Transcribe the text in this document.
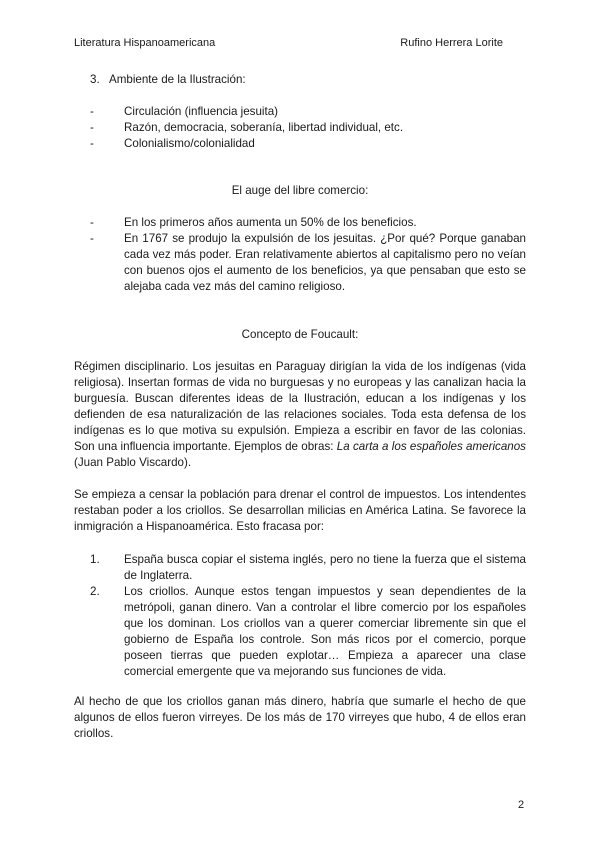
Literatura Hispanoamericana	Rufino Herrera Lorite
3. Ambiente de la Ilustración:
-	Circulación (influencia jesuita)
-	Razón, democracia, soberanía, libertad individual, etc.
-	Colonialismo/colonialidad

El auge del libre comercio:

-	En los primeros años aumenta un 50% de los beneficios.
-	En 1767 se produjo la expulsión de los jesuitas. ¿Por qué? Porque ganaban cada vez más poder. Eran relativamente abiertos al capitalismo pero no veían con buenos ojos el aumento de los beneficios, ya que pensaban que esto se alejaba cada vez más del camino religioso.

Concepto de Foucault:

Régimen disciplinario. Los jesuitas en Paraguay dirigían la vida de los indígenas (vida religiosa). Insertan formas de vida no burguesas y no europeas y las canalizan hacia la burguesía. Buscan diferentes ideas de la Ilustración, educan a los indígenas y los defienden de esa naturalización de las relaciones sociales. Toda esta defensa de los indígenas es lo que motiva su expulsión. Empieza a escribir en favor de las colonias. Son una influencia importante. Ejemplos de obras: La carta a los españoles americanos (Juan Pablo Viscardo).

Se empieza a censar la población para drenar el control de impuestos. Los intendentes restaban poder a los criollos. Se desarrollan milicias en América Latina. Se favorece la inmigración a Hispanoamérica. Esto fracasa por:

1. España busca copiar el sistema inglés, pero no tiene la fuerza que el sistema de Inglaterra.
2. Los criollos. Aunque estos tengan impuestos y sean dependientes de la metrópoli, ganan dinero. Van a controlar el libre comercio por los españoles que los dominan. Los criollos van a querer comerciar libremente sin que el gobierno de España los controle. Son más ricos por el comercio, porque poseen tierras que pueden explotar… Empieza a aparecer una clase comercial emergente que va mejorando sus funciones de vida.

Al hecho de que los criollos ganan más dinero, habría que sumarle el hecho de que algunos de ellos fueron virreyes. De los más de 170 virreyes que hubo, 4 de ellos eran criollos.

2
